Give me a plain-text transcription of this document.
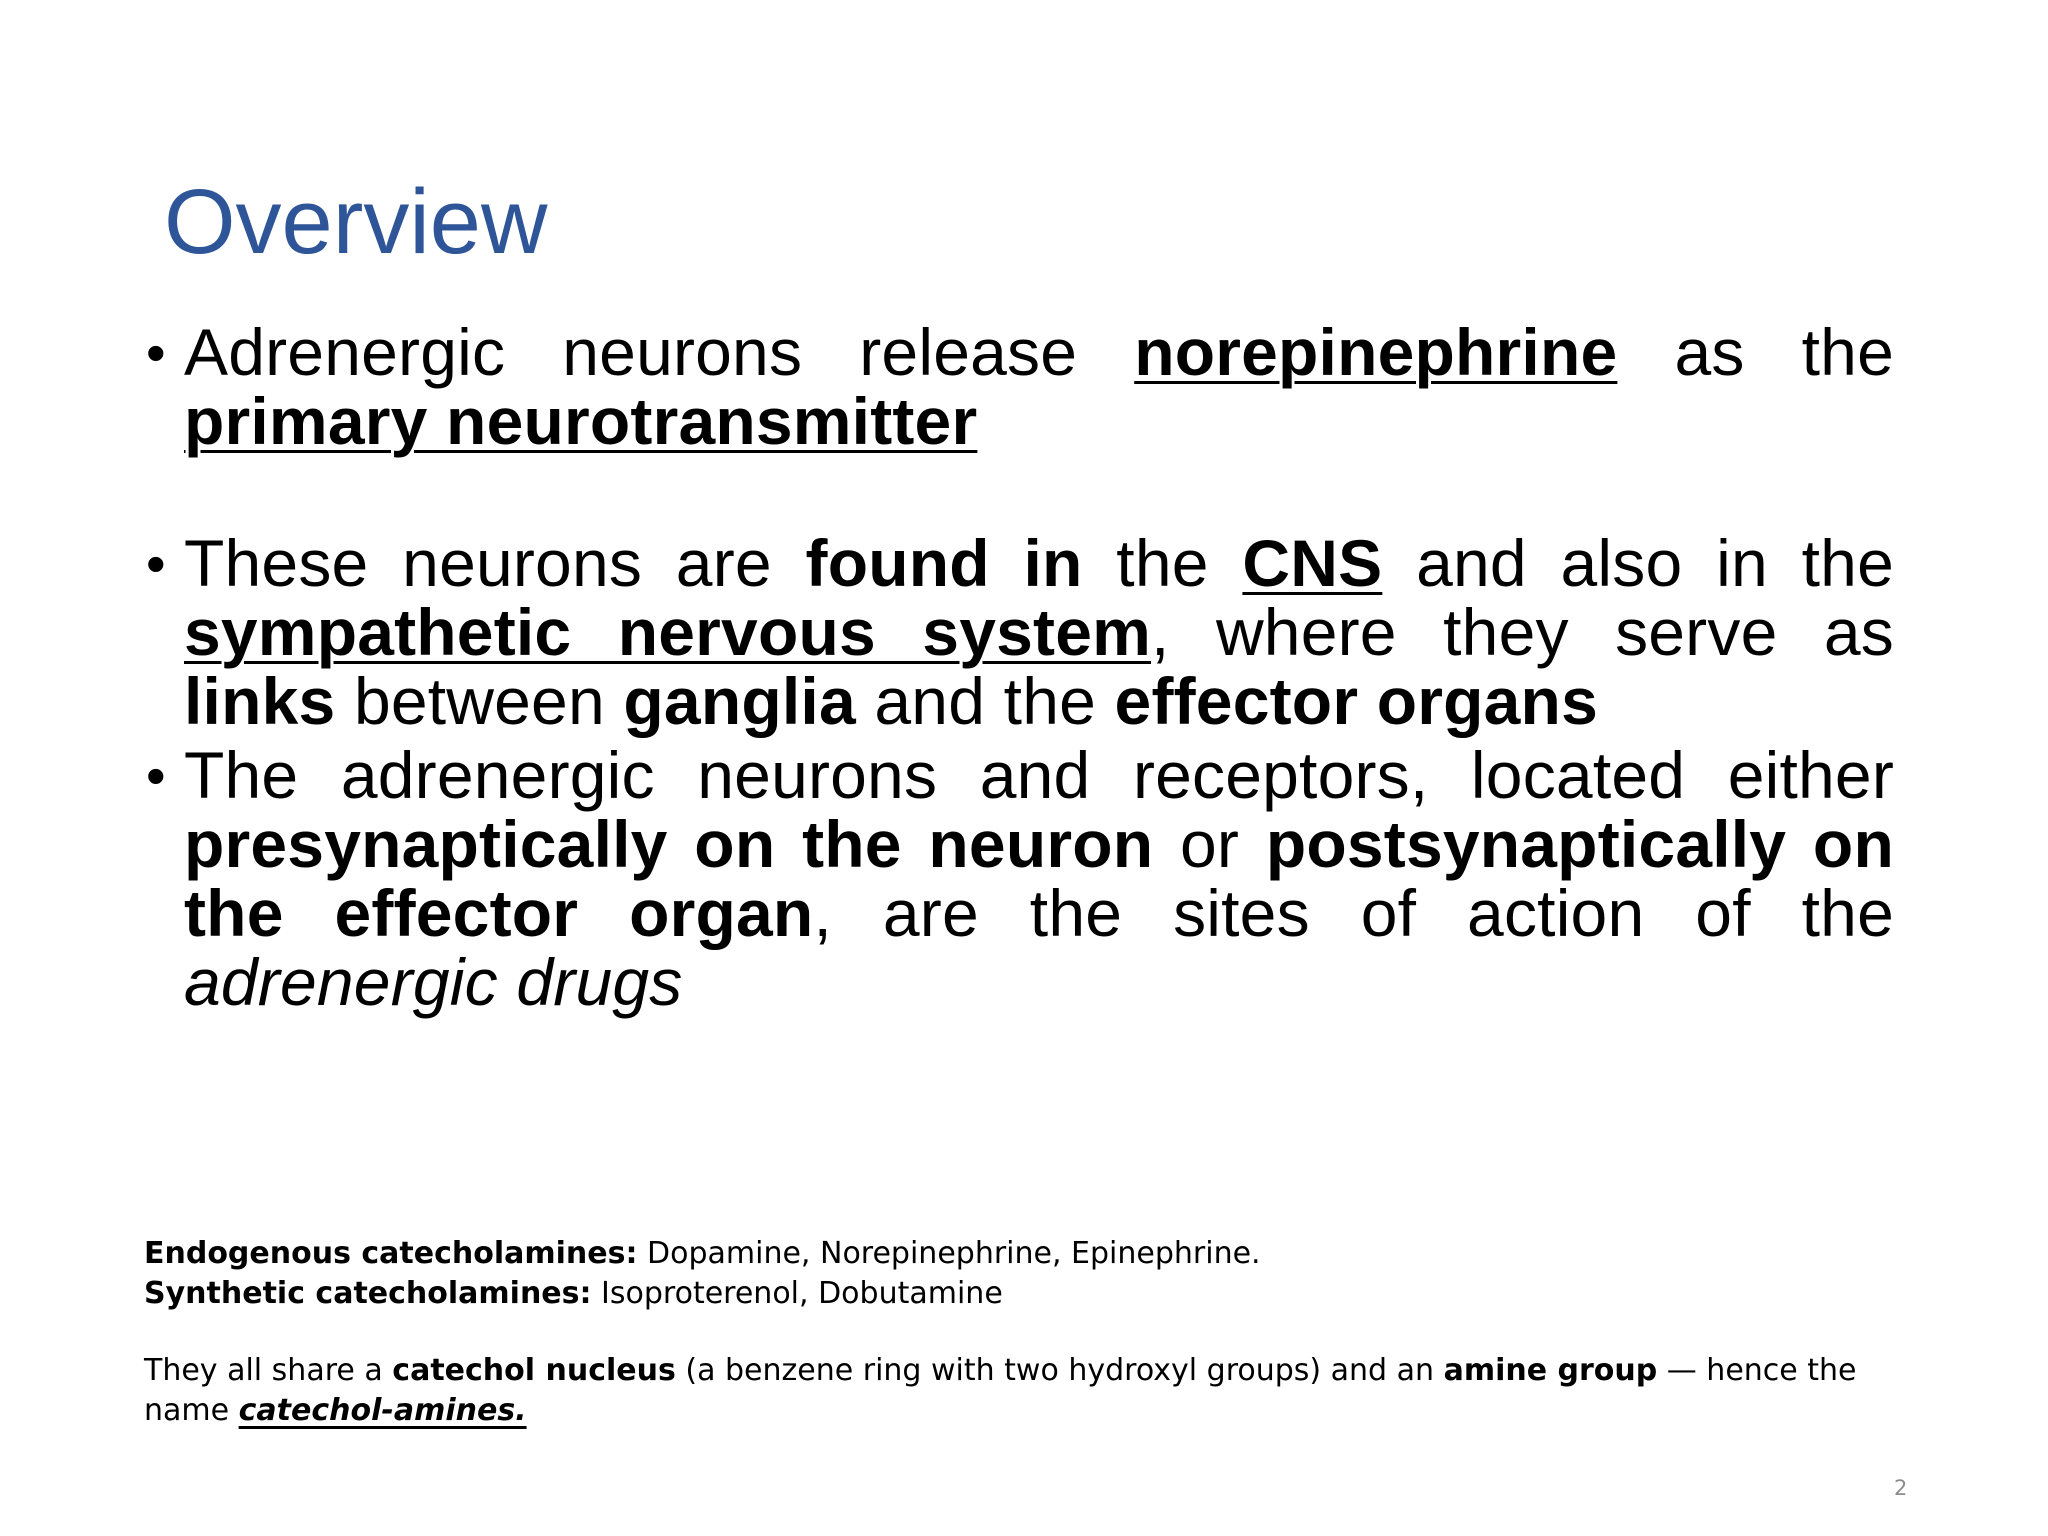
Overview
• Adrenergic neurons release norepinephrine as the primary neurotransmitter
• These neurons are found in the CNS and also in the sympathetic nervous system, where they serve as links between ganglia and the effector organs
• The adrenergic neurons and receptors, located either presynaptically on the neuron or postsynaptically on the effector organ, are the sites of action of the adrenergic drugs

Endogenous catecholamines: Dopamine, Norepinephrine, Epinephrine.

Synthetic catecholamines: Isoproterenol, Dobutamine

They all share a catechol nucleus (a benzene ring with two hydroxyl groups) and an amine group — hence the name catechol-amines.

2
